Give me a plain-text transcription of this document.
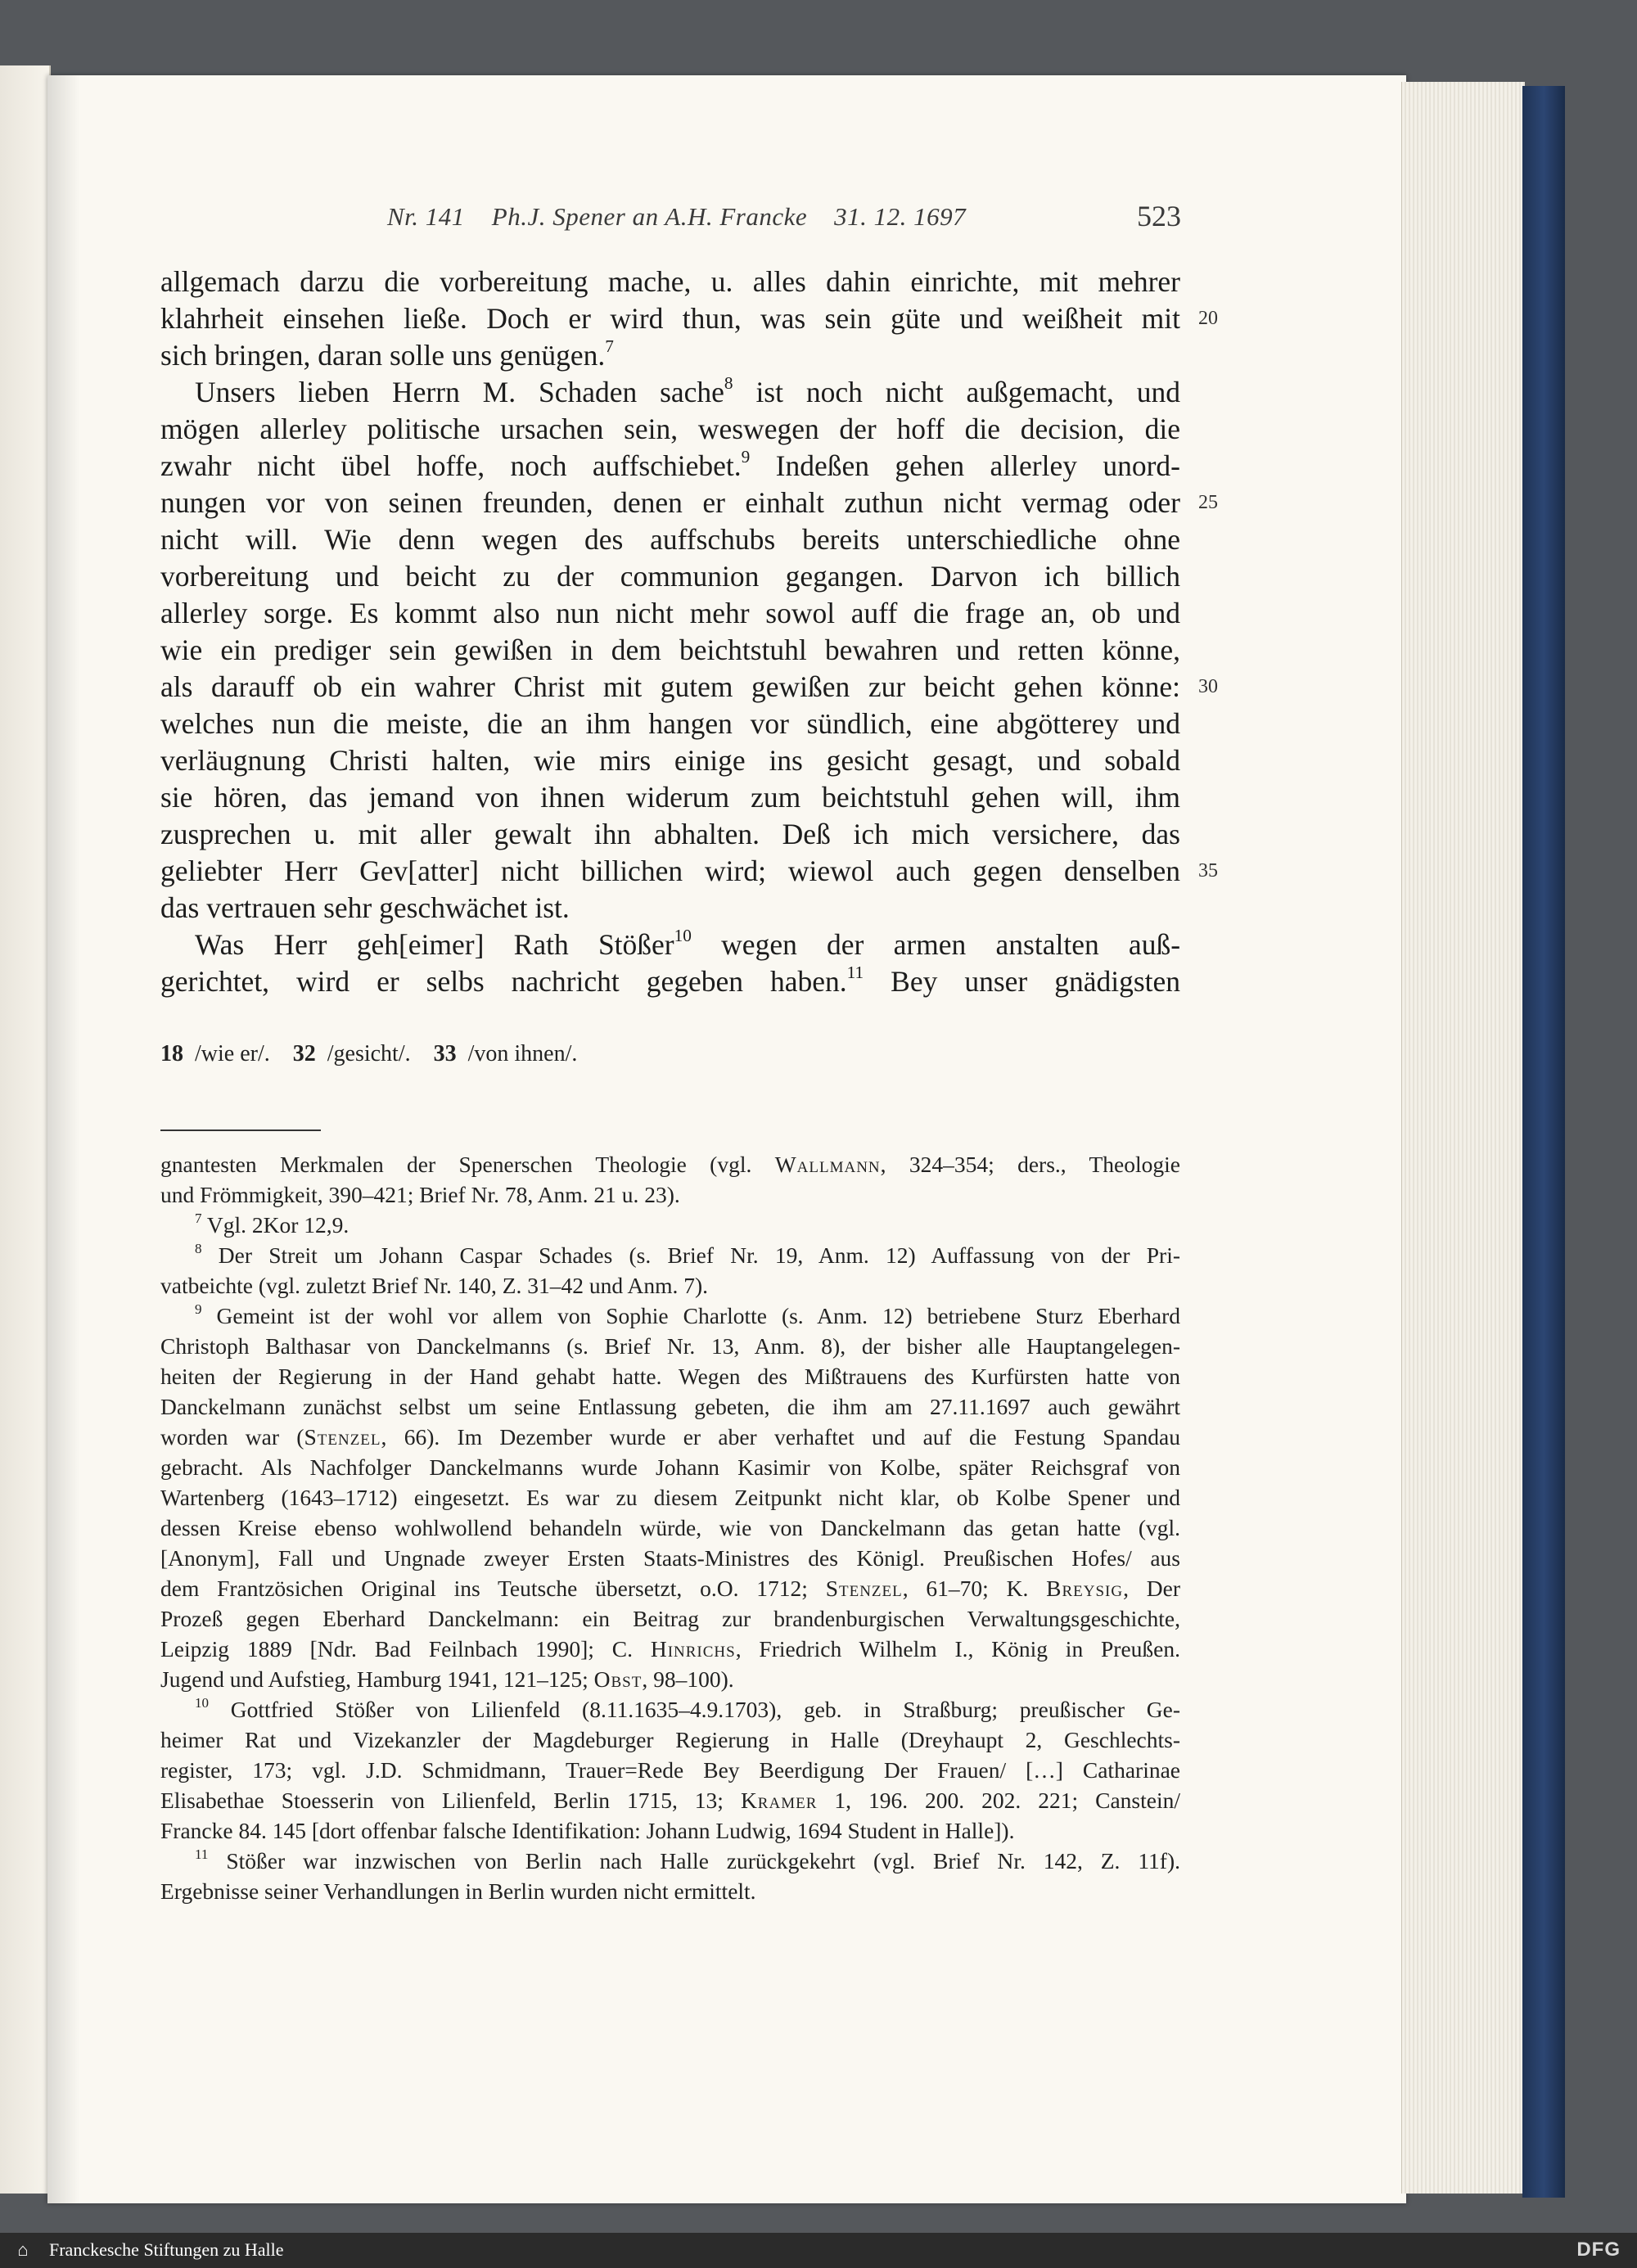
Nr. 141    Ph.J. Spener an A.H. Francke    31. 12. 1697	523
allgemach darzu die vorbereitung mache, u. alles dahin einrichte, mit mehrer
klahrheit einsehen ließe. Doch er wird thun, was sein güte und weißheit mit 20
sich bringen, daran solle uns genügen.$^7$
Unsers lieben Herrn M. Schaden sache$^8$ ist noch nicht außgemacht, und
mögen allerley politische ursachen sein, weswegen der hoff die decision, die
zwahr nicht übel hoffe, noch auffschiebet.$^9$ Indeßen gehen allerley unord-
nungen vor von seinen freunden, denen er einhalt zuthun nicht vermag oder 25
nicht will. Wie denn wegen des auffschubs bereits unterschiedliche ohne
vorbereitung und beicht zu der communion gegangen. Darvon ich billich
allerley sorge. Es kommt also nun nicht mehr sowol auff die frage an, ob und
wie ein prediger sein gewißen in dem beichtstuhl bewahren und retten könne,
als darauff ob ein wahrer Christ mit gutem gewißen zur beicht gehen könne: 30
welches nun die meiste, die an ihm hangen vor sündlich, eine abgötterey und
verläugnung Christi halten, wie mirs einige ins gesicht gesagt, und sobald
sie hören, das jemand von ihnen widerum zum beichtstuhl gehen will, ihm
zusprechen u. mit aller gewalt ihn abhalten. Deß ich mich versichere, das
geliebter Herr Gev[atter] nicht billichen wird; wiewol auch gegen denselben 35
das vertrauen sehr geschwächet ist.
Was Herr geh[eimer] Rath Stößer$^{10}$ wegen der armen anstalten auß-
gerichtet, wird er selbs nachricht gegeben haben.$^{11}$ Bey unser gnädigsten
18 /wie er/. 32 /gesicht/. 33 /von ihnen/.
gnantesten Merkmalen der Spenerschen Theologie (vgl. Wallmann, 324–354; ders., Theologie
und Frömmigkeit, 390–421; Brief Nr. 78, Anm. 21 u. 23).
$^7$ Vgl. 2Kor 12,9.
$^8$ Der Streit um Johann Caspar Schades (s. Brief Nr. 19, Anm. 12) Auffassung von der Pri-
vatbeichte (vgl. zuletzt Brief Nr. 140, Z. 31–42 und Anm. 7).
$^9$ Gemeint ist der wohl vor allem von Sophie Charlotte (s. Anm. 12) betriebene Sturz Eberhard
Christoph Balthasar von Danckelmanns (s. Brief Nr. 13, Anm. 8), der bisher alle Hauptangelegen-
heiten der Regierung in der Hand gehabt hatte. Wegen des Mißtrauens des Kurfürsten hatte von
Danckelmann zunächst selbst um seine Entlassung gebeten, die ihm am 27.11.1697 auch gewährt
worden war (Stenzel, 66). Im Dezember wurde er aber verhaftet und auf die Festung Spandau
gebracht. Als Nachfolger Danckelmanns wurde Johann Kasimir von Kolbe, später Reichsgraf von
Wartenberg (1643–1712) eingesetzt. Es war zu diesem Zeitpunkt nicht klar, ob Kolbe Spener und
dessen Kreise ebenso wohlwollend behandeln würde, wie von Danckelmann das getan hatte (vgl.
[Anonym], Fall und Ungnade zweyer Ersten Staats-Ministres des Königl. Preußischen Hofes/ aus
dem Frantzösichen Original ins Teutsche übersetzt, o.O. 1712; Stenzel, 61–70; K. Breysig, Der
Prozeß gegen Eberhard Danckelmann: ein Beitrag zur brandenburgischen Verwaltungsgeschichte,
Leipzig 1889 [Ndr. Bad Feilnbach 1990]; C. Hinrichs, Friedrich Wilhelm I., König in Preußen.
Jugend und Aufstieg, Hamburg 1941, 121–125; Obst, 98–100).
$^{10}$ Gottfried Stößer von Lilienfeld (8.11.1635–4.9.1703), geb. in Straßburg; preußischer Ge-
heimer Rat und Vizekanzler der Magdeburger Regierung in Halle (Dreyhaupt 2, Geschlechts-
register, 173; vgl. J.D. Schmidmann, Trauer=Rede Bey Beerdigung Der Frauen/ […] Catharinae
Elisabethae Stoesserin von Lilienfeld, Berlin 1715, 13; Kramer 1, 196. 200. 202. 221; Canstein/
Francke 84. 145 [dort offenbar falsche Identifikation: Johann Ludwig, 1694 Student in Halle]).
$^{11}$ Stößer war inzwischen von Berlin nach Halle zurückgekehrt (vgl. Brief Nr. 142, Z. 11f).
Ergebnisse seiner Verhandlungen in Berlin wurden nicht ermittelt.
⌂ Franckesche Stiftungen zu Halle	DFG
